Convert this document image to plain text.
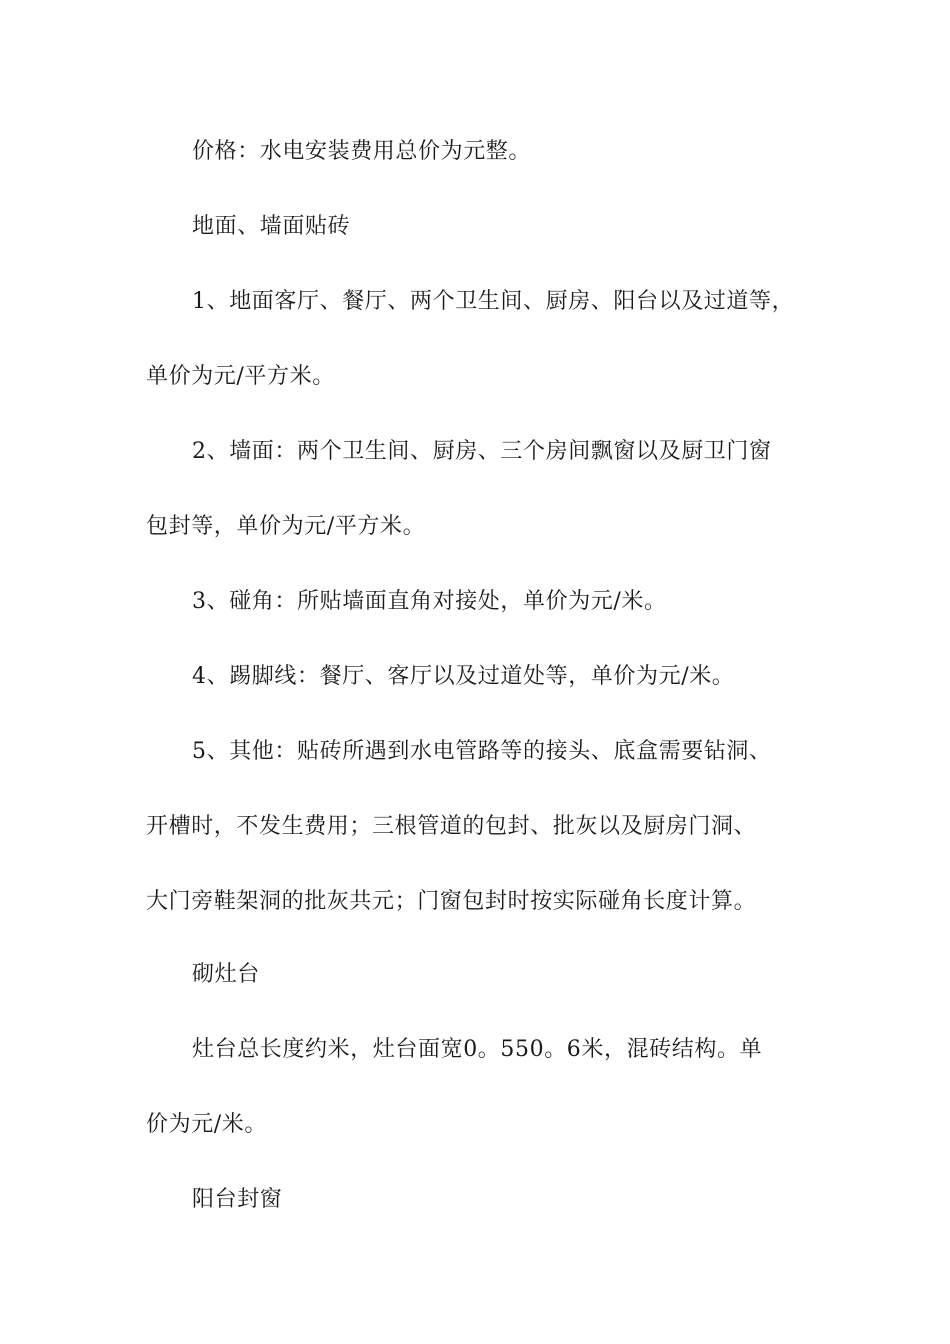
价格：水电安装费用总价为元整。
地面、墙面贴砖
1、地面客厅、餐厅、两个卫生间、厨房、阳台以及过道等，
单价为元/平方米。
2、墙面：两个卫生间、厨房、三个房间飘窗以及厨卫门窗
包封等，单价为元/平方米。
3、碰角：所贴墙面直角对接处，单价为元/米。
4、踢脚线：餐厅、客厅以及过道处等，单价为元/米。
5、其他：贴砖所遇到水电管路等的接头、底盒需要钻洞、
开槽时，不发生费用；三根管道的包封、批灰以及厨房门洞、
大门旁鞋架洞的批灰共元；门窗包封时按实际碰角长度计算。
砌灶台
灶台总长度约米，灶台面宽0。550。6米，混砖结构。单
价为元/米。
阳台封窗
